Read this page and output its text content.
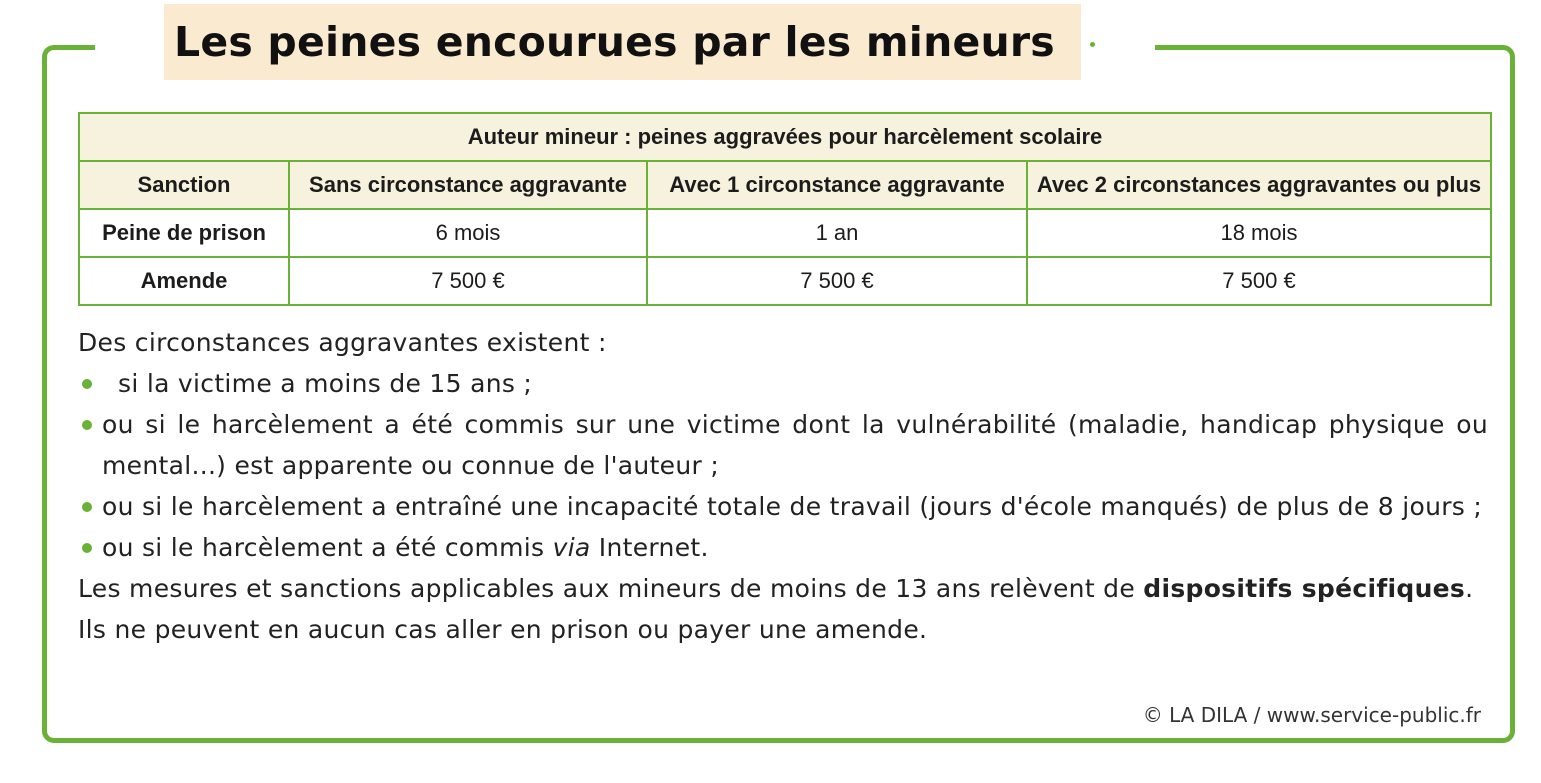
Les peines encourues par les mineurs
Auteur mineur : peines aggravées pour harcèlement scolaire			
Sanction	Sans circonstance aggravante	Avec 1 circonstance aggravante	Avec 2 circonstances aggravantes ou plus
Peine de prison	6 mois	1 an	18 mois
Amende	7 500 €	7 500 €	7 500 €

Des circonstances aggravantes existent :

si la victime a moins de 15 ans ;
ou si le harcèlement a été commis sur une victime dont la vulnérabilité (maladie, handicap physique ou mental...) est apparente ou connue de l'auteur ;
ou si le harcèlement a entraîné une incapacité totale de travail (jours d'école manqués) de plus de 8 jours ;
ou si le harcèlement a été commis via Internet.

Les mesures et sanctions applicables aux mineurs de moins de 13 ans relèvent de dispositifs spécifiques. Ils ne peuvent en aucun cas aller en prison ou payer une amende.

© LA DILA / www.service-public.fr
